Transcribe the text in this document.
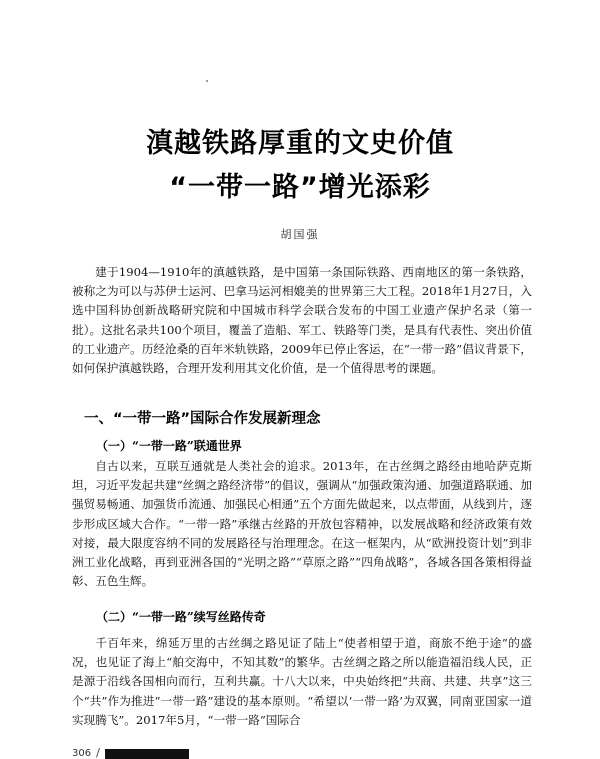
滇越铁路厚重的文史价值
“一带一路”增光添彩
胡国强

建于1904—1910年的滇越铁路，是中国第一条国际铁路、西南地区的第一条铁路，被称之为可以与苏伊士运河、巴拿马运河相媲美的世界第三大工程。2018年1月27日，入选中国科协创新战略研究院和中国城市科学会联合发布的中国工业遗产保护名录（第一批）。这批名录共100个项目，覆盖了造船、军工、铁路等门类，是具有代表性、突出价值的工业遗产。历经沧桑的百年米轨铁路，2009年已停止客运，在“一带一路”倡议背景下，如何保护滇越铁路，合理开发利用其文化价值，是一个值得思考的课题。

一、“一带一路”国际合作发展新理念
（一）“一带一路”联通世界

自古以来，互联互通就是人类社会的追求。2013年，在古丝绸之路经由地哈萨克斯坦，习近平发起共建“丝绸之路经济带”的倡议，强调从“加强政策沟通、加强道路联通、加强贸易畅通、加强货币流通、加强民心相通”五个方面先做起来，以点带面，从线到片，逐步形成区域大合作。“一带一路”承继古丝路的开放包容精神，以发展战略和经济政策有效对接，最大限度容纳不同的发展路径与治理理念。在这一框架内，从“欧洲投资计划”到非洲工业化战略，再到亚洲各国的“光明之路”“草原之路”“四角战略”，各域各国各策相得益彰、五色生辉。

（二）“一带一路”续写丝路传奇

千百年来，绵延万里的古丝绸之路见证了陆上“使者相望于道，商旅不绝于途”的盛况，也见证了海上“舶交海中，不知其数”的繁华。古丝绸之路之所以能造福沿线人民，正是源于沿线各国相向而行，互利共赢。十八大以来，中央始终把“共商、共建、共享”这三个“共”作为推进“一带一路”建设的基本原则。“希望以‘一带一路’为双翼，同南亚国家一道实现腾飞”。2017年5月，“一带一路”国际合

306 /
